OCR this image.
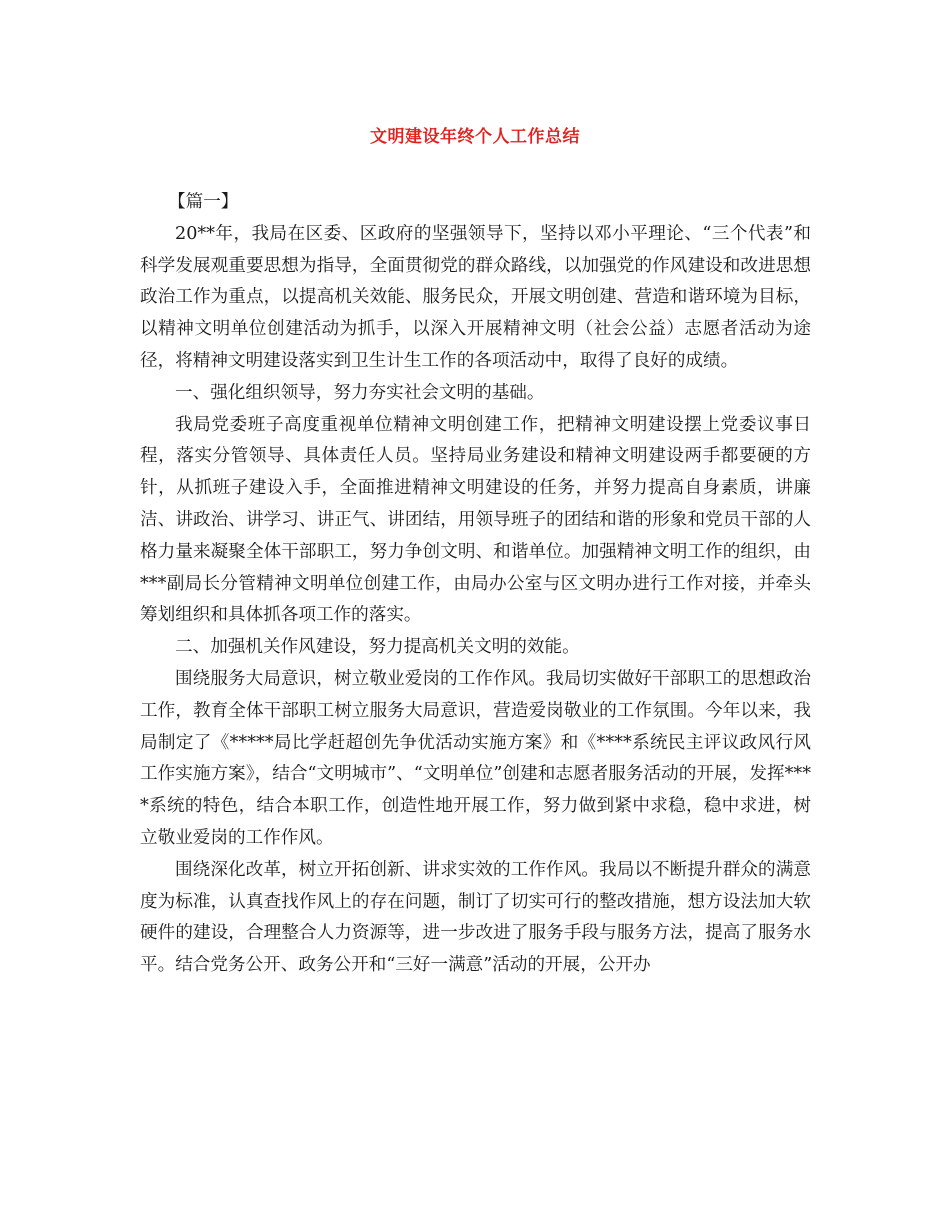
文明建设年终个人工作总结

【篇一】

20**年，我局在区委、区政府的坚强领导下，坚持以邓小平理论、“三个代表”和科学发展观重要思想为指导，全面贯彻党的群众路线，以加强党的作风建设和改进思想政治工作为重点，以提高机关效能、服务民众，开展文明创建、营造和谐环境为目标，以精神文明单位创建活动为抓手，以深入开展精神文明（社会公益）志愿者活动为途径，将精神文明建设落实到卫生计生工作的各项活动中，取得了良好的成绩。

一、强化组织领导，努力夯实社会文明的基础。

我局党委班子高度重视单位精神文明创建工作，把精神文明建设摆上党委议事日程，落实分管领导、具体责任人员。坚持局业务建设和精神文明建设两手都要硬的方针，从抓班子建设入手，全面推进精神文明建设的任务，并努力提高自身素质，讲廉洁、讲政治、讲学习、讲正气、讲团结，用领导班子的团结和谐的形象和党员干部的人格力量来凝聚全体干部职工，努力争创文明、和谐单位。加强精神文明工作的组织，由***副局长分管精神文明单位创建工作，由局办公室与区文明办进行工作对接，并牵头筹划组织和具体抓各项工作的落实。

二、加强机关作风建设，努力提高机关文明的效能。

围绕服务大局意识，树立敬业爱岗的工作作风。我局切实做好干部职工的思想政治工作，教育全体干部职工树立服务大局意识，营造爱岗敬业的工作氛围。今年以来，我局制定了《*****局比学赶超创先争优活动实施方案》和《****系统民主评议政风行风工作实施方案》，结合“文明城市”、“文明单位”创建和志愿者服务活动的开展，发挥****系统的特色，结合本职工作，创造性地开展工作，努力做到紧中求稳，稳中求进，树立敬业爱岗的工作作风。

围绕深化改革，树立开拓创新、讲求实效的工作作风。我局以不断提升群众的满意度为标准，认真查找作风上的存在问题，制订了切实可行的整改措施，想方设法加大软硬件的建设，合理整合人力资源等，进一步改进了服务手段与服务方法，提高了服务水平。结合党务公开、政务公开和“三好一满意”活动的开展，公开办
